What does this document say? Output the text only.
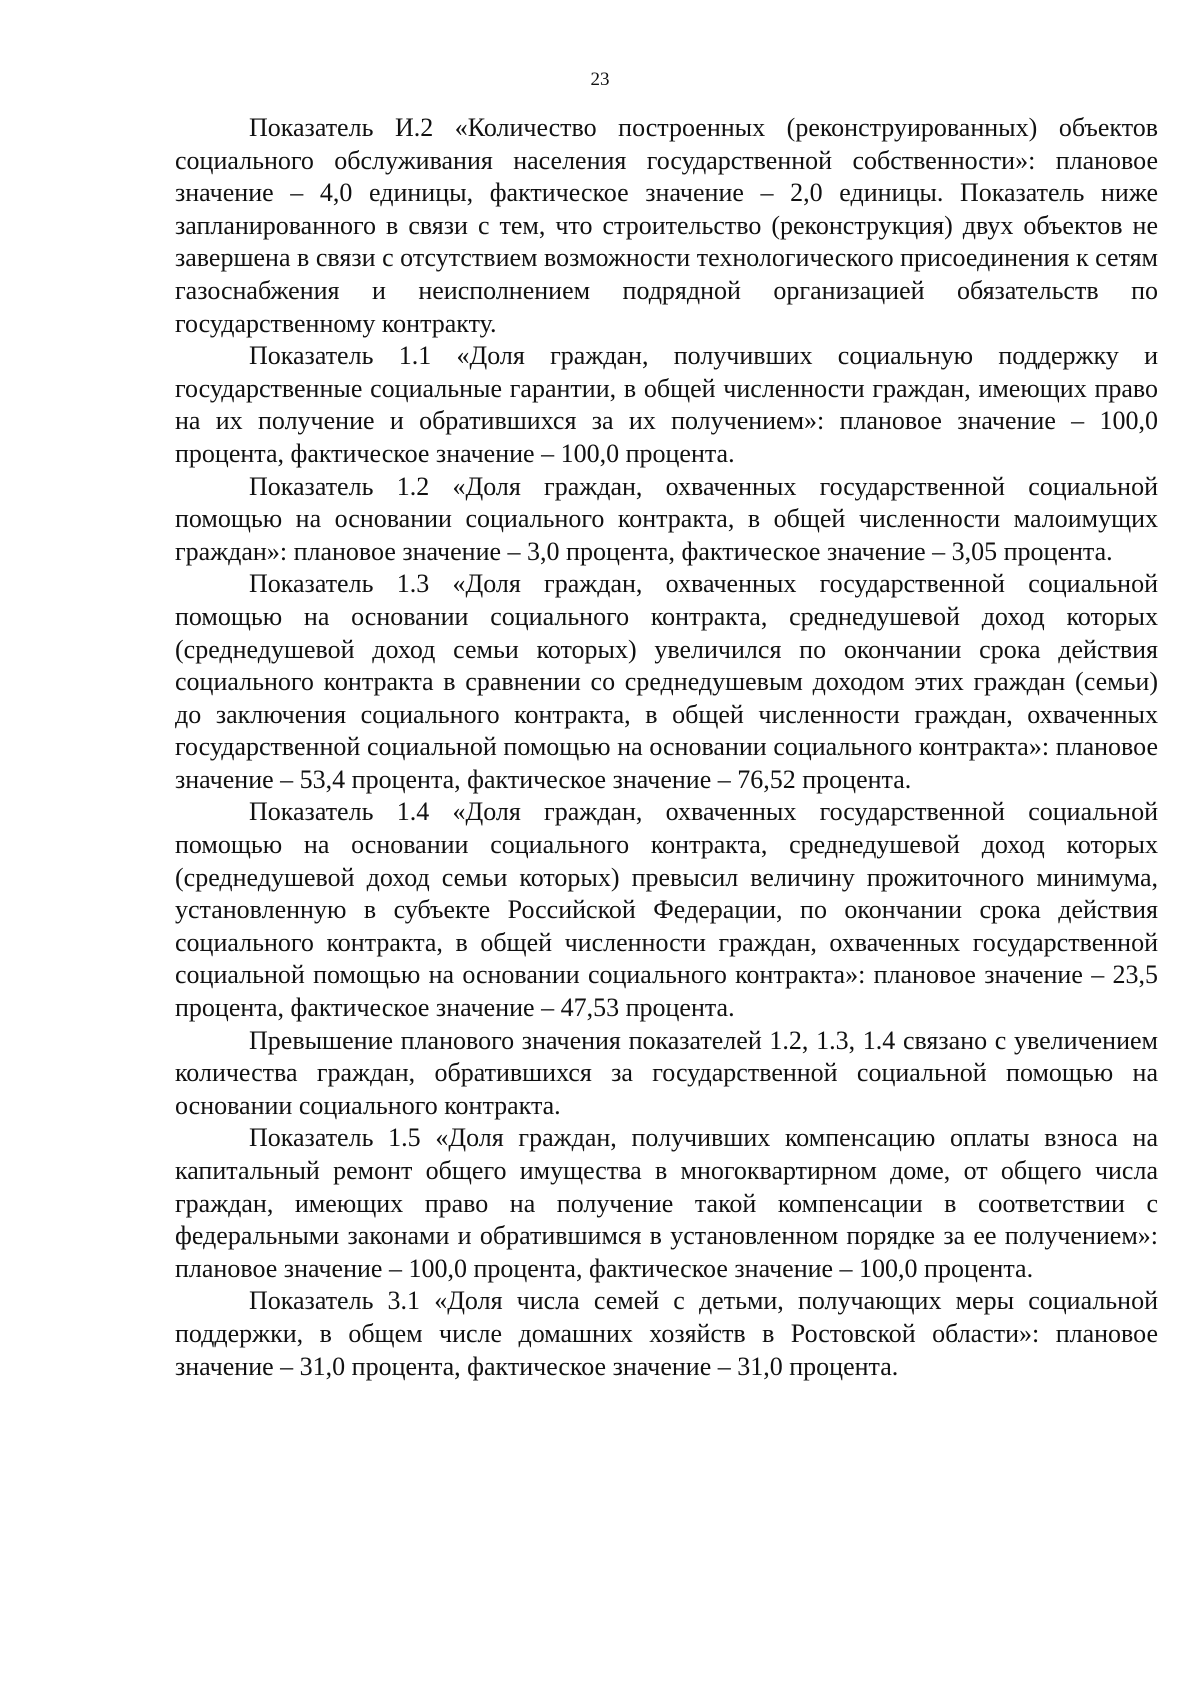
23

Показатель И.2 «Количество построенных (реконструированных) объектов социального обслуживания населения государственной собственности»: плановое значение – 4,0 единицы, фактическое значение – 2,0 единицы. Показатель ниже запланированного в связи с тем, что строительство (реконструкция) двух объектов не завершена в связи с отсутствием возможности технологического присоединения к сетям газоснабжения и неисполнением подрядной организацией обязательств по государственному контракту.

Показатель 1.1 «Доля граждан, получивших социальную поддержку и государственные социальные гарантии, в общей численности граждан, имеющих право на их получение и обратившихся за их получением»: плановое значение – 100,0 процента, фактическое значение – 100,0 процента.

Показатель 1.2 «Доля граждан, охваченных государственной социальной помощью на основании социального контракта, в общей численности малоимущих граждан»: плановое значение – 3,0 процента, фактическое значение – 3,05 процента.

Показатель 1.3 «Доля граждан, охваченных государственной социальной помощью на основании социального контракта, среднедушевой доход которых (среднедушевой доход семьи которых) увеличился по окончании срока действия социального контракта в сравнении со среднедушевым доходом этих граждан (семьи) до заключения социального контракта, в общей численности граждан, охваченных государственной социальной помощью на основании социального контракта»: плановое значение – 53,4 процента, фактическое значение – 76,52 процента.

Показатель 1.4 «Доля граждан, охваченных государственной социальной помощью на основании социального контракта, среднедушевой доход которых (среднедушевой доход семьи которых) превысил величину прожиточного минимума, установленную в субъекте Российской Федерации, по окончании срока действия социального контракта, в общей численности граждан, охваченных государственной социальной помощью на основании социального контракта»: плановое значение – 23,5 процента, фактическое значение – 47,53 процента.

Превышение планового значения показателей 1.2, 1.3, 1.4 связано с увеличением количества граждан, обратившихся за государственной социальной помощью на основании социального контракта.

Показатель 1.5 «Доля граждан, получивших компенсацию оплаты взноса на капитальный ремонт общего имущества в многоквартирном доме, от общего числа граждан, имеющих право на получение такой компенсации в соответствии с федеральными законами и обратившимся в установленном порядке за ее получением»: плановое значение – 100,0 процента, фактическое значение – 100,0 процента.

Показатель 3.1 «Доля числа семей с детьми, получающих меры социальной поддержки, в общем числе домашних хозяйств в Ростовской области»: плановое значение – 31,0 процента, фактическое значение – 31,0 процента.
